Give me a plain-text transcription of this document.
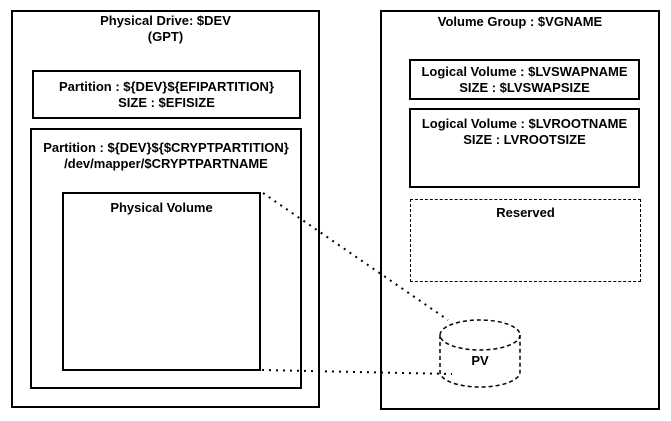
Physical Drive: $DEV
(GPT)
Partition : ${DEV}${EFIPARTITION}
SIZE : $EFISIZE
Partition : ${DEV}${$CRYPTPARTITION}
/dev/mapper/$CRYPTPARTNAME
Physical Volume
Volume Group : $VGNAME
Logical Volume : $LVSWAPNAME
SIZE : $LVSWAPSIZE
Logical Volume : $LVROOTNAME
SIZE : LVROOTSIZE
Reserved
PV
